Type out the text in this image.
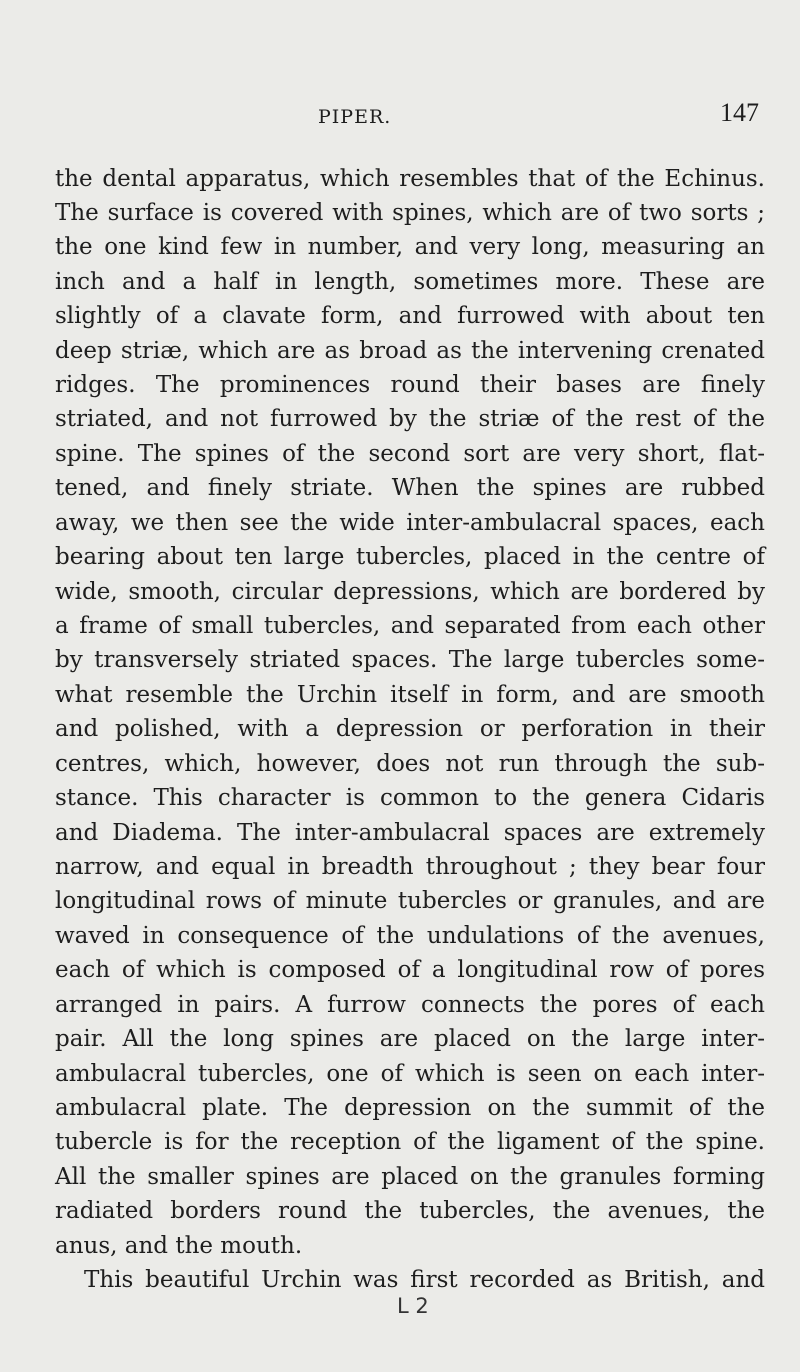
PIPER.	147
the dental apparatus, which resembles that of the Echinus.
The surface is covered with spines, which are of two sorts ;
the one kind few in number, and very long, measuring an
inch and a half in length, sometimes more. These are
slightly of a clavate form, and furrowed with about ten
deep striæ, which are as broad as the intervening crenated
ridges. The prominences round their bases are finely
striated, and not furrowed by the striæ of the rest of the
spine. The spines of the second sort are very short, flat-
tened, and finely striate. When the spines are rubbed
away, we then see the wide inter-ambulacral spaces, each
bearing about ten large tubercles, placed in the centre of
wide, smooth, circular depressions, which are bordered by
a frame of small tubercles, and separated from each other
by transversely striated spaces. The large tubercles some-
what resemble the Urchin itself in form, and are smooth
and polished, with a depression or perforation in their
centres, which, however, does not run through the sub-
stance. This character is common to the genera Cidaris
and Diadema. The inter-ambulacral spaces are extremely
narrow, and equal in breadth throughout ; they bear four
longitudinal rows of minute tubercles or granules, and are
waved in consequence of the undulations of the avenues,
each of which is composed of a longitudinal row of pores
arranged in pairs. A furrow connects the pores of each
pair. All the long spines are placed on the large inter-
ambulacral tubercles, one of which is seen on each inter-
ambulacral plate. The depression on the summit of the
tubercle is for the reception of the ligament of the spine.
All the smaller spines are placed on the granules forming
radiated borders round the tubercles, the avenues, the
anus, and the mouth.
This beautiful Urchin was first recorded as British, and
L 2
